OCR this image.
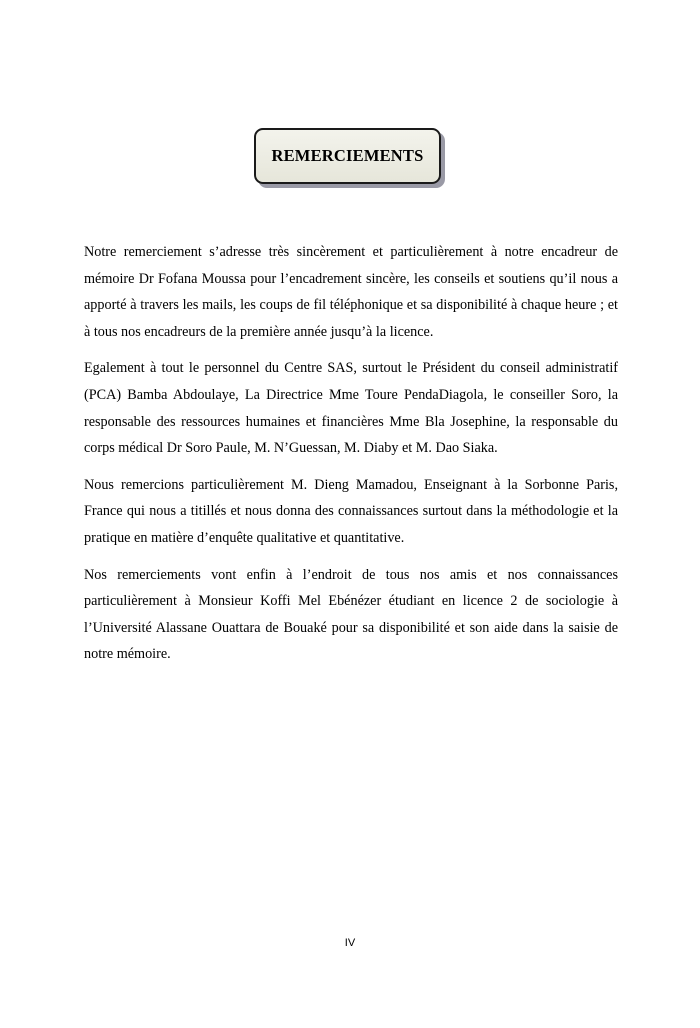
REMERCIEMENTS

Notre remerciement s’adresse très sincèrement et particulièrement à notre encadreur de mémoire Dr Fofana Moussa pour l’encadrement sincère, les conseils et soutiens qu’il nous a apporté à travers les mails, les coups de fil téléphonique et sa disponibilité à chaque heure ; et à tous nos encadreurs de la première année jusqu’à la licence.

Egalement à tout le personnel du Centre SAS, surtout le Président du conseil administratif (PCA) Bamba Abdoulaye, La Directrice Mme Toure PendaDiagola, le conseiller Soro, la responsable des ressources humaines et financières Mme Bla Josephine, la responsable du corps médical Dr Soro Paule, M. N’Guessan, M. Diaby et M. Dao Siaka.

Nous remercions particulièrement M. Dieng Mamadou, Enseignant à la Sorbonne Paris, France qui nous a titillés et nous donna des connaissances surtout dans la méthodologie et la pratique en matière d’enquête qualitative et quantitative.

Nos remerciements vont enfin à l’endroit de tous nos amis et nos connaissances particulièrement à Monsieur Koffi Mel Ebénézer étudiant en licence 2 de sociologie à l’Université Alassane Ouattara de Bouaké pour sa disponibilité et son aide dans la saisie de notre mémoire.

IV
